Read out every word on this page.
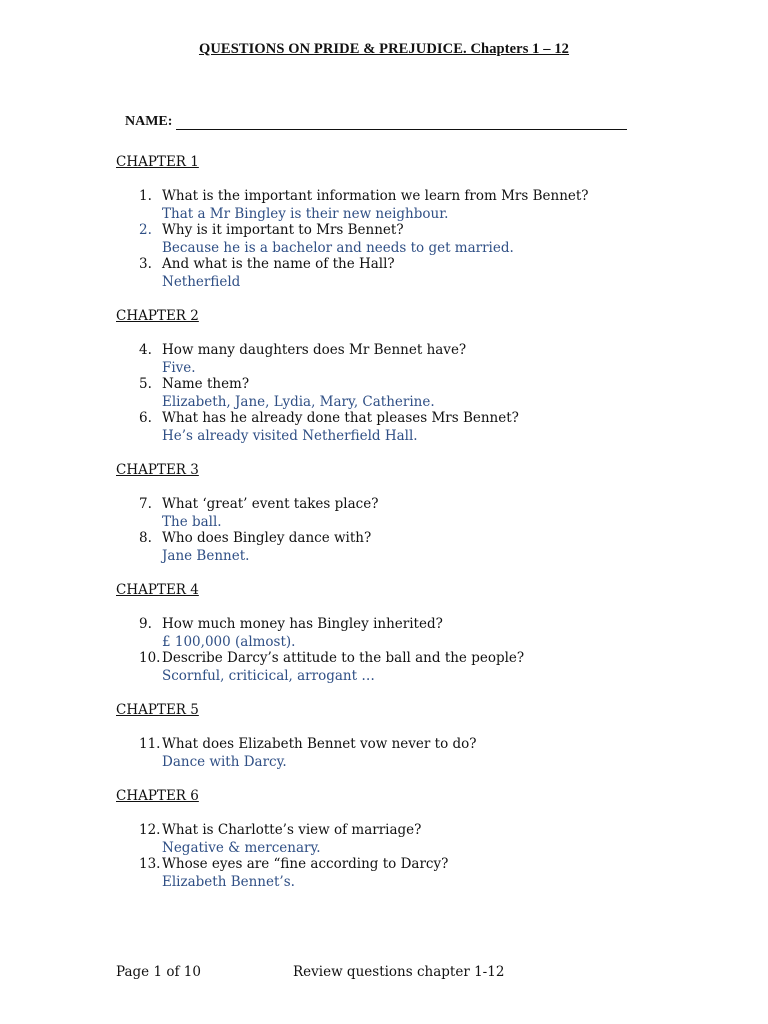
QUESTIONS ON PRIDE & PREJUDICE. Chapters 1 – 12
NAME:
CHAPTER 1
1. What is the important information we learn from Mrs Bennet?
That a Mr Bingley is their new neighbour.
2. Why is it important to Mrs Bennet?
Because he is a bachelor and needs to get married.
3. And what is the name of the Hall?
Netherfield
CHAPTER 2
4. How many daughters does Mr Bennet have?
Five.
5. Name them?
Elizabeth, Jane, Lydia, Mary, Catherine.
6. What has he already done that pleases Mrs Bennet?
He’s already visited Netherfield Hall.
CHAPTER 3
7. What ‘great’ event takes place?
The ball.
8. Who does Bingley dance with?
Jane Bennet.
CHAPTER 4
9. How much money has Bingley inherited?
£ 100,000 (almost).
10. Describe Darcy’s attitude to the ball and the people?
Scornful, criticical, arrogant …
CHAPTER 5
11. What does Elizabeth Bennet vow never to do?
Dance with Darcy.
CHAPTER 6
12. What is Charlotte’s view of marriage?
Negative & mercenary.
13. Whose eyes are “fine according to Darcy?
Elizabeth Bennet’s.
Page 1 of 10	Review questions chapter 1-12
